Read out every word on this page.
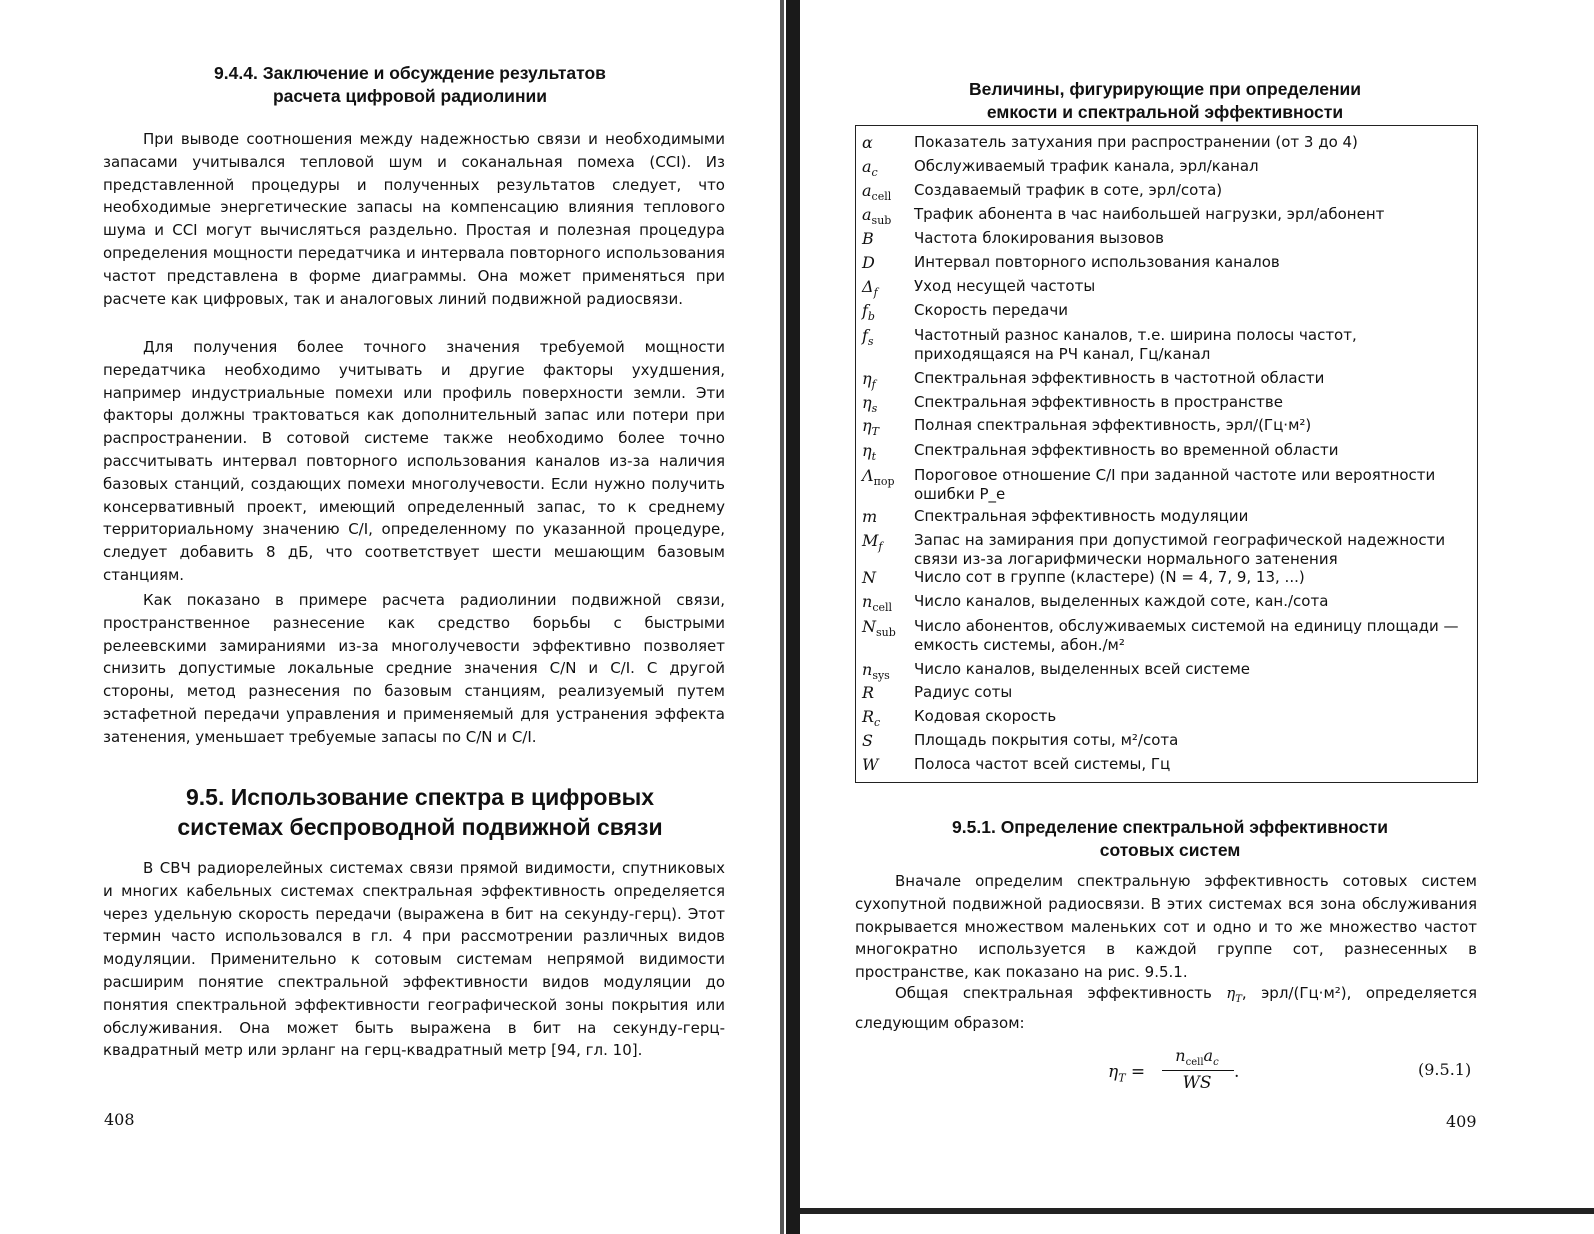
9.4.4. Заключение и обсуждение результатов
расчета цифровой радиолинии

При выводе соотношения между надежностью связи и необходимыми запасами учитывался тепловой шум и соканальная помеха (CCI). Из представленной процедуры и полученных результатов следует, что необходимые энергетические запасы на компенсацию влияния теплового шума и CCI могут вычисляться раздельно. Простая и полезная процедура определения мощности передатчика и интервала повторного использования частот представлена в форме диаграммы. Она может применяться при расчете как цифровых, так и аналоговых линий подвижной радиосвязи.

Для получения более точного значения требуемой мощности передатчика необходимо учитывать и другие факторы ухудшения, например индустриальные помехи или профиль поверхности земли. Эти факторы должны трактоваться как дополнительный запас или потери при распространении. В сотовой системе также необходимо более точно рассчитывать интервал повторного использования каналов из-за наличия базовых станций, создающих помехи многолучевости. Если нужно получить консервативный проект, имеющий определенный запас, то к среднему территориальному значению C/I, определенному по указанной процедуре, следует добавить 8 дБ, что соответствует шести мешающим базовым станциям.

Как показано в примере расчета радиолинии подвижной связи, пространственное разнесение как средство борьбы с быстрыми релеевскими замираниями из-за многолучевости эффективно позволяет снизить допустимые локальные средние значения C/N и C/I. С другой стороны, метод разнесения по базовым станциям, реализуемый путем эстафетной передачи управления и применяемый для устранения эффекта затенения, уменьшает требуемые запасы по C/N и C/I.

9.5. Использование спектра в цифровых
системах беспроводной подвижной связи

В СВЧ радиорелейных системах связи прямой видимости, спутниковых и многих кабельных системах спектральная эффективность определяется через удельную скорость передачи (выражена в бит на секунду-герц). Этот термин часто использовался в гл. 4 при рассмотрении различных видов модуляции. Применительно к сотовым системам непрямой видимости расширим понятие спектральной эффективности видов модуляции до понятия спектральной эффективности географической зоны покрытия или обслуживания. Она может быть выражена в бит на секунду-герц-квадратный метр или эрланг на герц-квадратный метр [94, гл. 10].

408
Величины, фигурирующие при определении
емкости и спектральной эффективности
α	Показатель затухания при распространении (от 3 до 4)
$a_c$	Обслуживаемый трафик канала, эрл/канал
$a_{cell}$	Создаваемый трафик в соте, эрл/сота)
$a_{sub}$	Трафик абонента в час наибольшей нагрузки, эрл/абонент
B	Частота блокирования вызовов
D	Интервал повторного использования каналов
$\Delta_f$	Уход несущей частоты
$f_b$	Скорость передачи
$f_s$	Частотный разнос каналов, т.е. ширина полосы частот, приходящаяся на РЧ канал, Гц/канал
$\eta_f$	Спектральная эффективность в частотной области
$\eta_s$	Спектральная эффективность в пространстве
$\eta_T$	Полная спектральная эффективность, эрл/(Гц·м²)
$\eta_t$	Спектральная эффективность во временной области
$\Lambda_{пор}$	Пороговое отношение C/I при заданной частоте или вероятности ошибки P_e
m	Спектральная эффективность модуляции
$M_f$	Запас на замирания при допустимой географической надежности связи из-за логарифмически нормального затенения
N	Число сот в группе (кластере) (N = 4, 7, 9, 13, ...)
$n_{cell}$	Число каналов, выделенных каждой соте, кан./сота
$N_{sub}$	Число абонентов, обслуживаемых системой на единицу площади — емкость системы, абон./м²
$n_{sys}$	Число каналов, выделенных всей системе
R	Радиус соты
$R_c$	Кодовая скорость
S	Площадь покрытия соты, м²/сота
W	Полоса частот всей системы, Гц
9.5.1. Определение спектральной эффективности
сотовых систем

Вначале определим спектральную эффективность сотовых систем сухопутной подвижной радиосвязи. В этих системах вся зона обслуживания покрывается множеством маленьких сот и одно и то же множество частот многократно используется в каждой группе сот, разнесенных в пространстве, как показано на рис. 9.5.1.

Общая спектральная эффективность $\eta_T$, эрл/(Гц·м²), определяется следующим образом:

$\eta_T$ =
$n_{cell}a_c$
WS
.	(9.5.1)
409
